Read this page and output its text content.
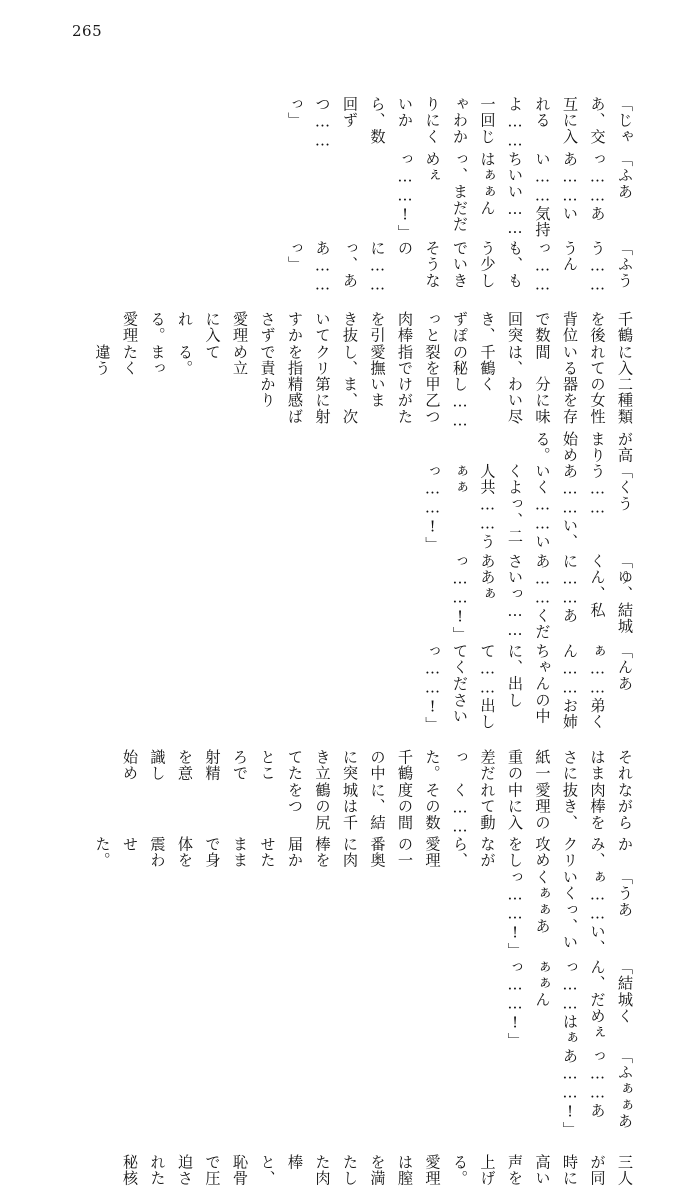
265

「じゃあ、交互に入れるよ……一回じゃわかりにくいから、数回ずつ……っ」

「ふあっ……ああ……いい……気持ちいい……はぁぁんっ、まだだめぇっ……!」

「ふうう……うんっ……も、もう少しでいきそうなのに……っ、ああ……っ」

千鶴を後背位で数回突き、ずぽっと肉棒を引き抜いてすかさず愛理に入れる。愛理

に入れている間は、千鶴の秘裂を指で愛撫し、クリを指で責め立てる。まったく違う

二種類の女性器を存分に味わい尽くし……甲乙つけがたいまま、次第に射精感ばかり

が高まり始める。

「くうう……あ……い、いく……いくよっ、二人共……うぁぁっ……!」

「ゆ、結城くん、私に……ああ……くださいっ……ああぁっ……!」

「んあぁ……弟くん……お姉ちゃんの中に、出して……出してくださいっ……!」

それはまさに紙一重の差だった。千鶴の中に突き立てたところで射精を意識し始め

ながら肉棒を抜き、愛理の中に入れて動く……その数度の間に、結城は千鶴の尻をつ

かみ、クリ攻めをしながら、愛理の一番奥に肉棒を届かせたままで身体を震わせた。

「うあぁ……い、いくっ、いくぁぁあっ……!」

「結城くん、だめぇっ……はぁぁぁんっ……!」

「ふぁぁあっ……ああ……!」

三人が同時に高い声を上げる。愛理は膣を満たした肉棒と、恥骨で圧迫された秘核
